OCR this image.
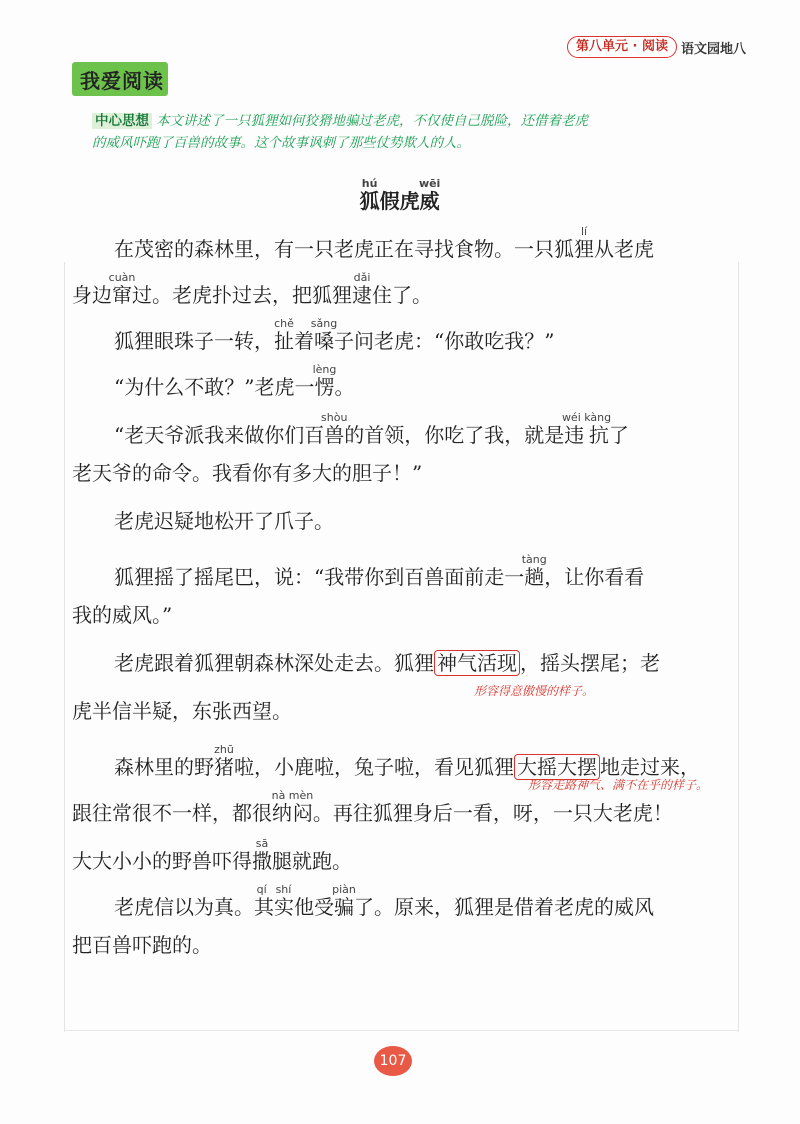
第八单元 · 阅读	语文园地八
我爱阅读
中心思想 本文讲述了一只狐狸如何狡猾地骗过老虎，不仅使自己脱险，还借着老虎
的威风吓跑了百兽的故事。这个故事讽刺了那些仗势欺人的人。
狐hú假虎威wēi
在茂密的森林里，有一只老虎正在寻找食物。一只狐狸lí从老虎
身边窜cuàn过。老虎扑过去，把狐狸逮dǎi住了。
狐狸眼珠子一转，扯chě着嗓sǎng子问老虎：“你敢吃我？”
“为什么不敢？”老虎一愣lèng。
“老天爷派我来做你们百兽shòu的首领，你吃了我，就是违抗wéi kàng了
老天爷的命令。我看你有多大的胆子！”
老虎迟疑地松开了爪子。
狐狸摇了摇尾巴，说：“我带你到百兽面前走一趟tàng，让你看看
我的威风。”
老虎跟着狐狸朝森林深处走去。狐狸 神气活现 ，摇头摆尾；老
形容得意傲慢的样子。
虎半信半疑，东张西望。
森林里的野猪zhū啦，小鹿啦，兔子啦，看见狐狸 大摇大摆 地走过来，
形容走路神气、满不在乎的样子。
跟往常很不一样，都很纳闷nà mèn。再往狐狸身后一看，呀，一只大老虎！
大大小小的野兽吓得撒sā腿就跑。
老虎信以为真。其实qí shí他受骗piàn了。原来，狐狸是借着老虎的威风
把百兽吓跑的。
107
